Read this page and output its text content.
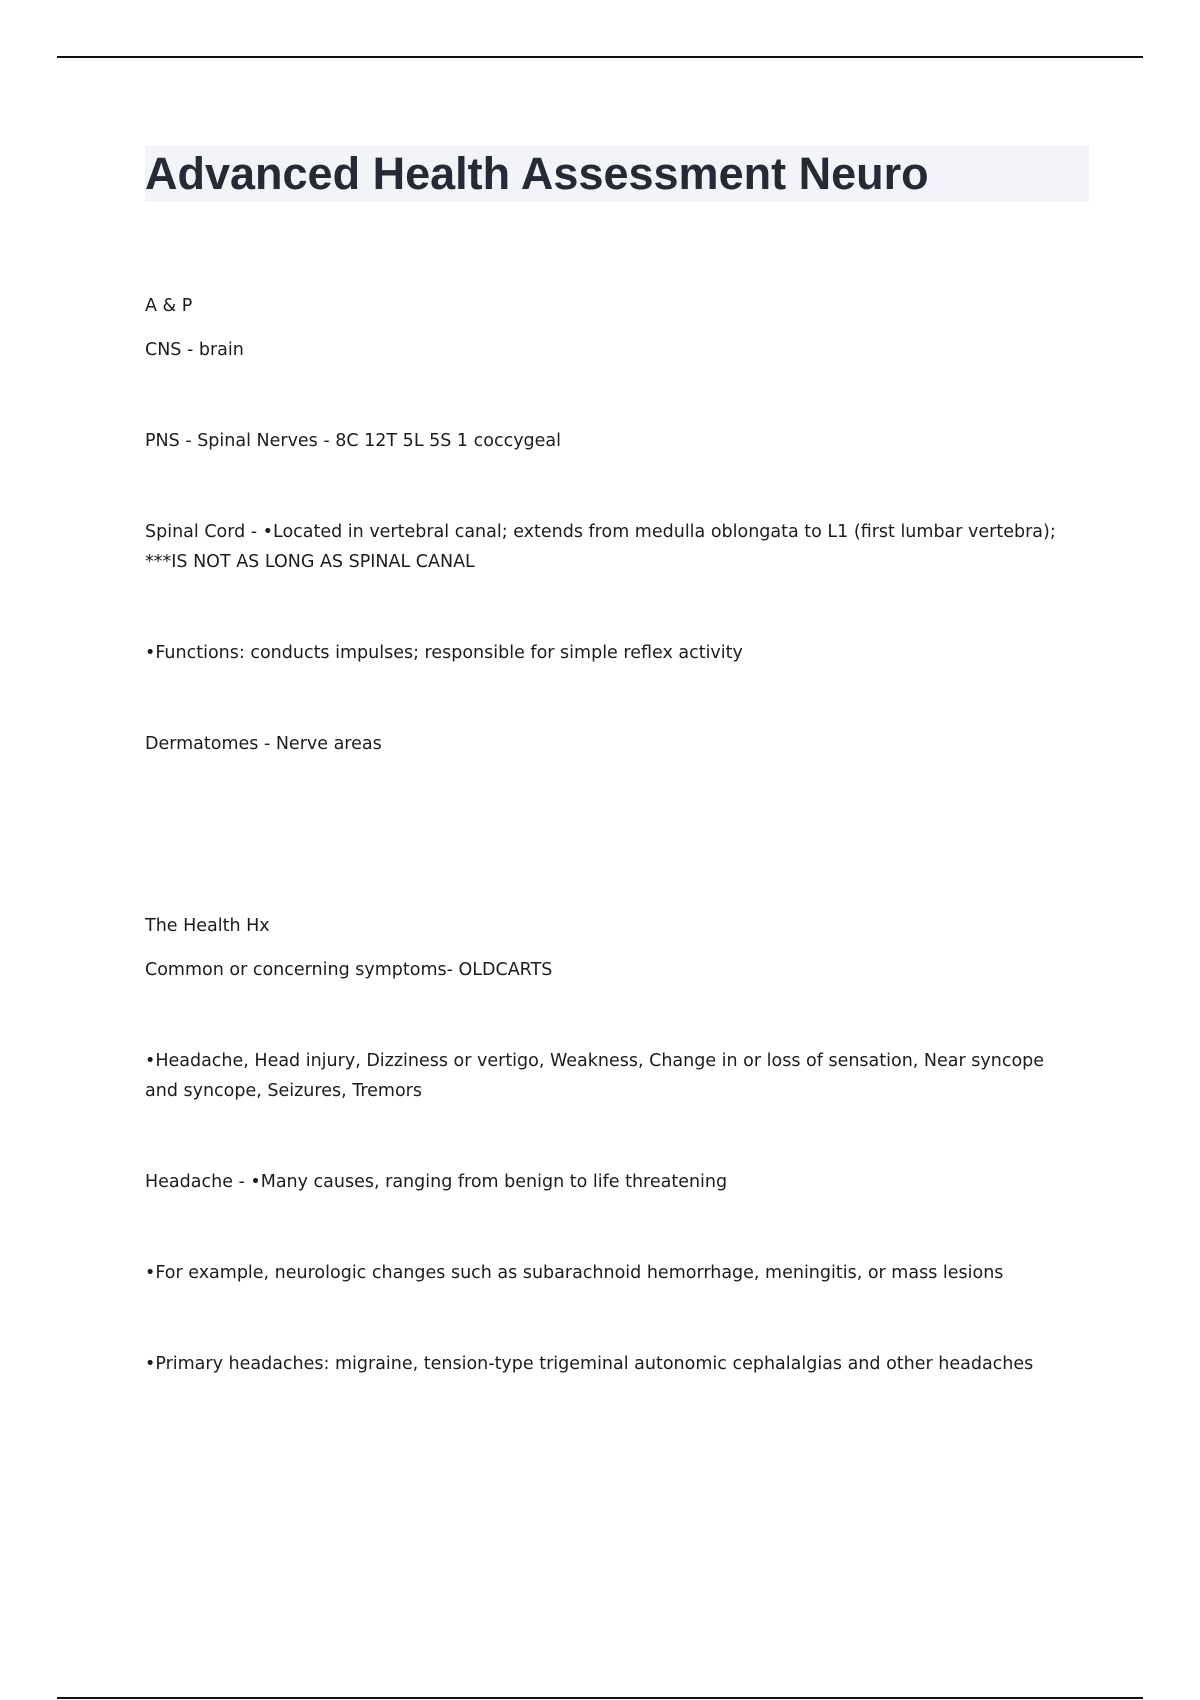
Advanced Health Assessment Neuro

A & P

CNS - brain

PNS - Spinal Nerves - 8C 12T 5L 5S 1 coccygeal

Spinal Cord - •Located in vertebral canal; extends from medulla oblongata to L1 (first lumbar vertebra);

***IS NOT AS LONG AS SPINAL CANAL

•Functions: conducts impulses; responsible for simple reflex activity

Dermatomes - Nerve areas

The Health Hx

Common or concerning symptoms- OLDCARTS

•Headache, Head injury, Dizziness or vertigo, Weakness, Change in or loss of sensation, Near syncope

and syncope, Seizures, Tremors

Headache - •Many causes, ranging from benign to life threatening

•For example, neurologic changes such as subarachnoid hemorrhage, meningitis, or mass lesions

•Primary headaches: migraine, tension-type trigeminal autonomic cephalalgias and other headaches
